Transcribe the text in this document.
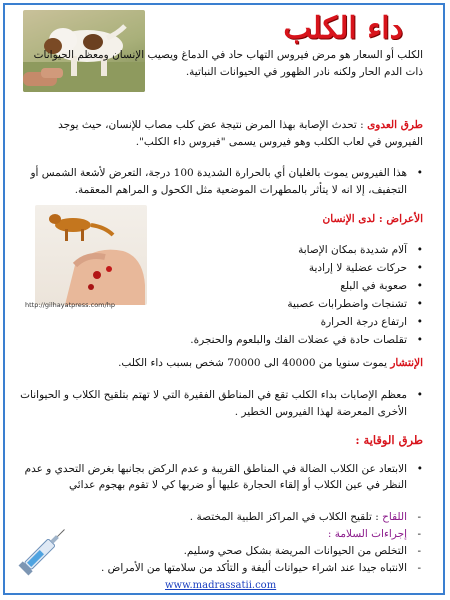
داء الكلب
الكلب أو السعار هو مرض فيروس التهاب حاد في الدماغ ويصيب الإنسان ومعظم الحيوانات ذات الدم الحار ولكنه نادر الظهور في الحيوانات النباتية.
طرق العدوى : تحدث الإصابة بهذا المرض نتيجة عض كلب مصاب للإنسان، حيث يوجد الفيروس في لعاب الكلب وهو فيروس يسمى "فيروس داء الكلب".
• هذا الفيروس يموت بالغليان أي بالحرارة الشديدة 100 درجة، التعرض لأشعة الشمس أو التجفيف، إلا انه لا يتأثر بالمطهرات الموضعية مثل الكحول و المراهم المعقمة.
http://gilhayatpress.com/hp
الأعراض : لدى الإنسان
• آلام شديدة بمكان الإصابة
• حركات عضلية لا إرادية
• صعوبة في البلع
• تشنجات واضطرابات عصبية
• ارتفاع درجة الحرارة
• تقلصات حادة في عضلات الفك والبلعوم والحنجرة.
الإنتشار يموت سنويا من 40000 الى 70000 شخص بسبب داء الكلب.
• معظم الإصابات بداء الكلب تقع في المناطق الفقيرة التي لا تهتم بتلقيح الكلاب و الحيوانات الأخرى المعرضة لهذا الفيروس الخطير .
طرق الوقاية :
• الابتعاد عن الكلاب الضالة في المناطق القريبة و عدم الركض بجانبها بغرض التحدي و عدم النظر في عين الكلاب أو إلقاء الحجارة عليها أو ضربها كي لا تقوم بهجوم عدائي
- اللقاح : تلقيح الكلاب في المراكز الطبية المختصة .
- إجراءات السلامة :
- التخلص من الحيوانات المريضة بشكل صحي وسليم.
- الانتباه جيدا عند اشراء حيوانات أليفة و التأكد من سلامتها من الأمراض .
www.madrassatii.com
